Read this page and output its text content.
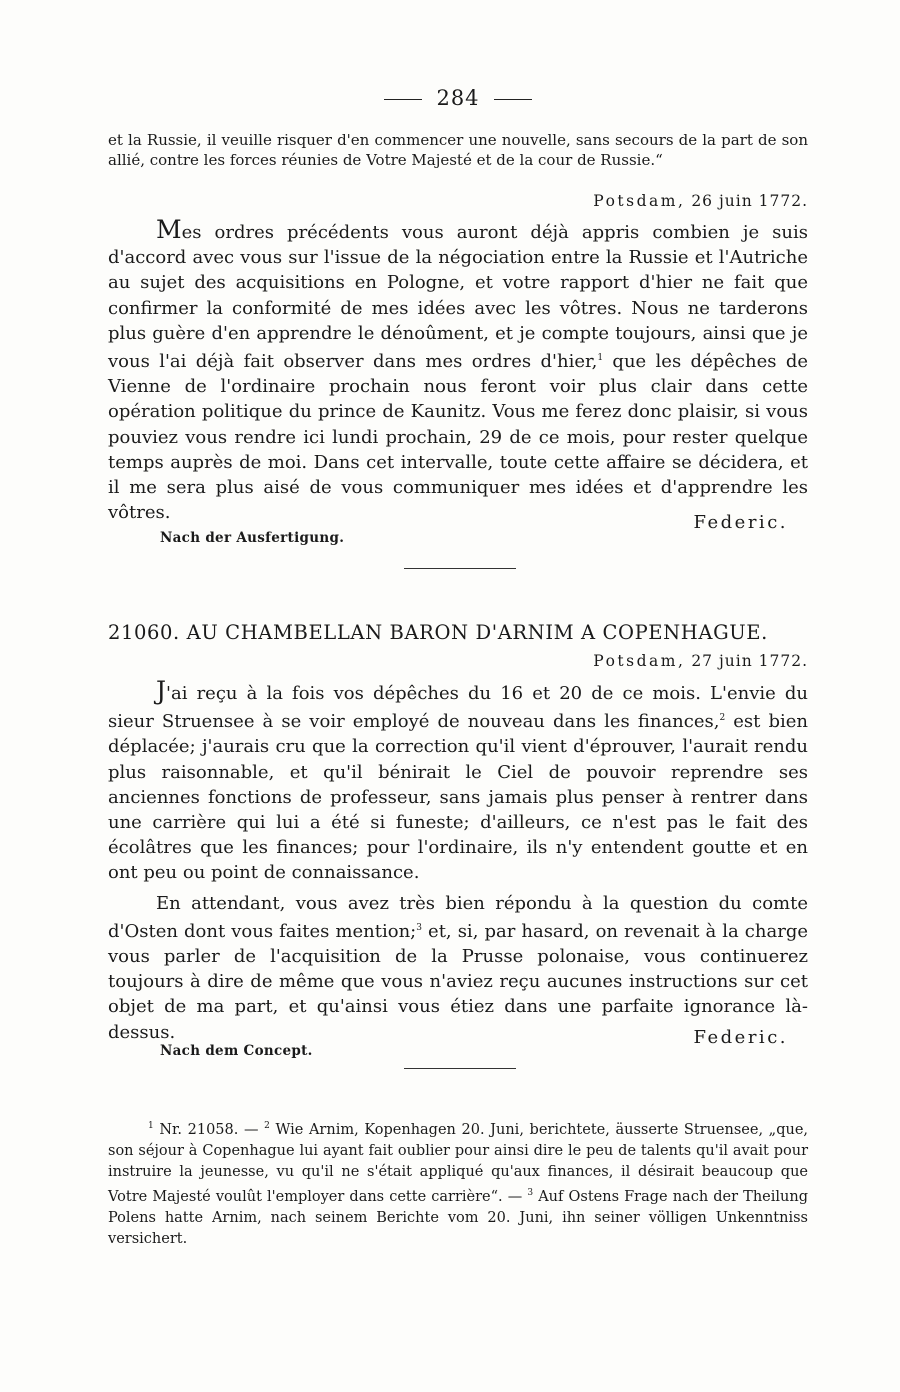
284
et la Russie, il veuille risquer d'en commencer une nouvelle, sans secours de la part de son allié, contre les forces réunies de Votre Majesté et de la cour de Russie.“
Potsdam, 26 juin 1772.

Mes ordres précédents vous auront déjà appris combien je suis d'accord avec vous sur l'issue de la négociation entre la Russie et l'Autriche au sujet des acquisitions en Pologne, et votre rapport d'hier ne fait que confirmer la conformité de mes idées avec les vôtres. Nous ne tarderons plus guère d'en apprendre le dénoûment, et je compte toujours, ainsi que je vous l'ai déjà fait observer dans mes ordres d'hier,$^1$ que les dépêches de Vienne de l'ordinaire prochain nous feront voir plus clair dans cette opération politique du prince de Kaunitz. Vous me ferez donc plaisir, si vous pouviez vous rendre ici lundi prochain, 29 de ce mois, pour rester quelque temps auprès de moi. Dans cet intervalle, toute cette affaire se décidera, et il me sera plus aisé de vous communiquer mes idées et d'apprendre les vôtres.	Federic.
Nach der Ausfertigung.
21060. AU CHAMBELLAN BARON D'ARNIM A COPENHAGUE.
Potsdam, 27 juin 1772.

J'ai reçu à la fois vos dépêches du 16 et 20 de ce mois. L'envie du sieur Struensee à se voir employé de nouveau dans les finances,$^2$ est bien déplacée; j'aurais cru que la correction qu'il vient d'éprouver, l'aurait rendu plus raisonnable, et qu'il bénirait le Ciel de pouvoir reprendre ses anciennes fonctions de professeur, sans jamais plus penser à rentrer dans une carrière qui lui a été si funeste; d'ailleurs, ce n'est pas le fait des écolâtres que les finances; pour l'ordinaire, ils n'y entendent goutte et en ont peu ou point de connaissance.

En attendant, vous avez très bien répondu à la question du comte d'Osten dont vous faites mention;$^3$ et, si, par hasard, on revenait à la charge vous parler de l'acquisition de la Prusse polonaise, vous continuerez toujours à dire de même que vous n'aviez reçu aucunes instructions sur cet objet de ma part, et qu'ainsi vous étiez dans une parfaite ignorance là-dessus.	Federic.
Nach dem Concept.
$^1$ Nr. 21058. — $^2$ Wie Arnim, Kopenhagen 20. Juni, berichtete, äusserte Struensee, „que, son séjour à Copenhague lui ayant fait oublier pour ainsi dire le peu de talents qu'il avait pour instruire la jeunesse, vu qu'il ne s'était appliqué qu'aux finances, il désirait beaucoup que Votre Majesté voulût l'employer dans cette carrière“. — $^3$ Auf Ostens Frage nach der Theilung Polens hatte Arnim, nach seinem Berichte vom 20. Juni, ihn seiner völligen Unkenntniss versichert.
